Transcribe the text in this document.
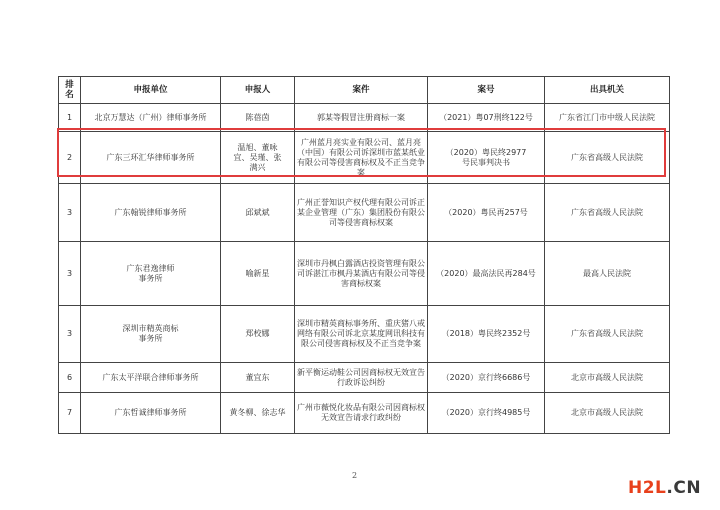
排
名	申报单位	申报人	案件	案号	出具机关
1	北京万慧达（广州）律师事务所	陈蓓茵	郭某等假冒注册商标一案	（2021）粤07刑终122号	广东省江门市中级人民法院
2	广东三环汇华律师事务所	温旭、董咏宜、吴瑾、张满兴	广州蓝月亮实业有限公司、蓝月亮（中国）有限公司诉深圳市蓝某纸业有限公司等侵害商标权及不正当竞争案	（2020）粤民终2977号民事判决书	广东省高级人民法院
3	广东翰锐律师事务所	邱斌斌	广州正誉知识产权代理有限公司诉正某企业管理（广东）集团股份有限公司等侵害商标权案	（2020）粤民再257号	广东省高级人民法院
3	广东君逸律师事务所	喻新星	深圳市丹枫白露酒店投资管理有限公司诉湛江市枫丹某酒店有限公司等侵害商标权案	（2020）最高法民再284号	最高人民法院
3	深圳市精英商标事务所	郑校娜	深圳市精英商标事务所、重庆猪八戒网络有限公司诉北京某度网讯科技有限公司侵害商标权及不正当竞争案	（2018）粤民终2352号	广东省高级人民法院
6	广东太平洋联合律师事务所	董宜东	新平衡运动鞋公司因商标权无效宣告行政诉讼纠纷	（2020）京行终6686号	北京市高级人民法院
7	广东哲诚律师事务所	黄冬柳、徐志华	广州市薇悦化妆品有限公司因商标权无效宣告请求行政纠纷	（2020）京行终4985号	北京市高级人民法院
2
H2L.CN
